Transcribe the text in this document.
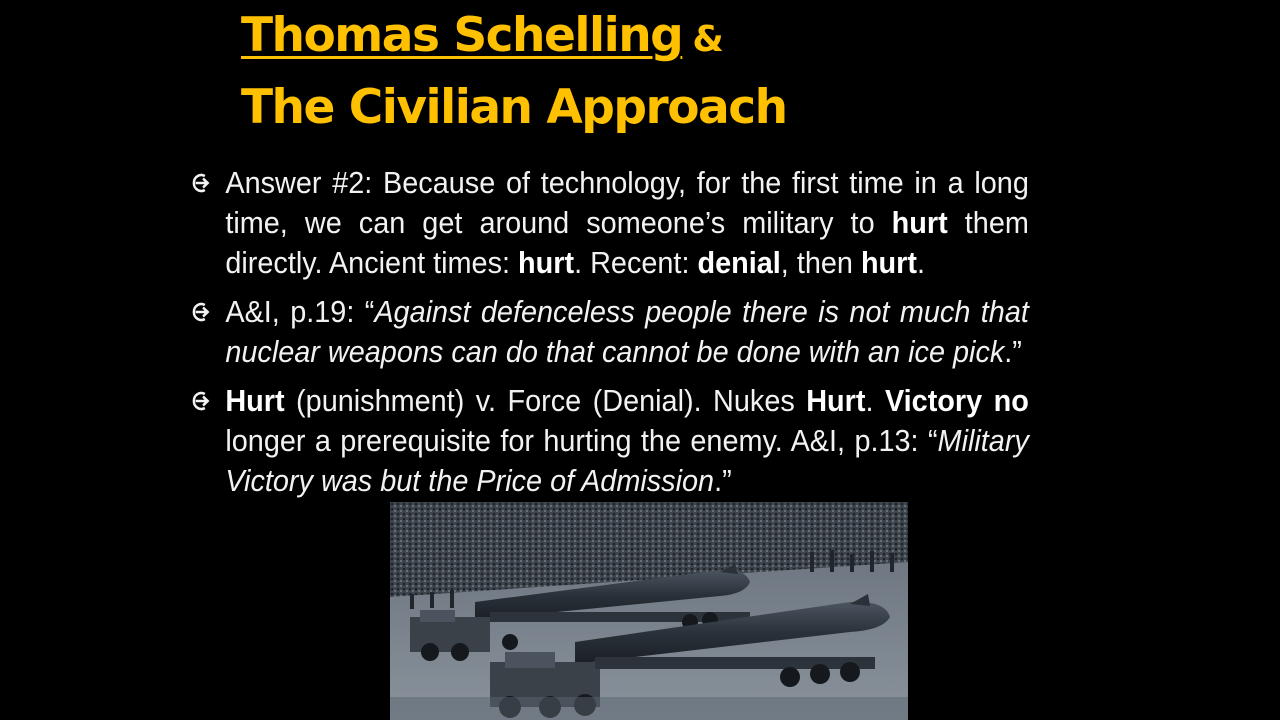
Thomas Schelling &
The Civilian Approach
Answer #2: Because of technology, for the first time in a long time, we can get around someone’s military to hurt them directly. Ancient times: hurt. Recent: denial, then hurt.
A&I, p.19: “Against defenceless people there is not much that nuclear weapons can do that cannot be done with an ice pick.”
Hurt (punishment) v. Force (Denial). Nukes Hurt. Victory no longer a prerequisite for hurting the enemy. A&I, p.13: “Military Victory was but the Price of Admission.”
